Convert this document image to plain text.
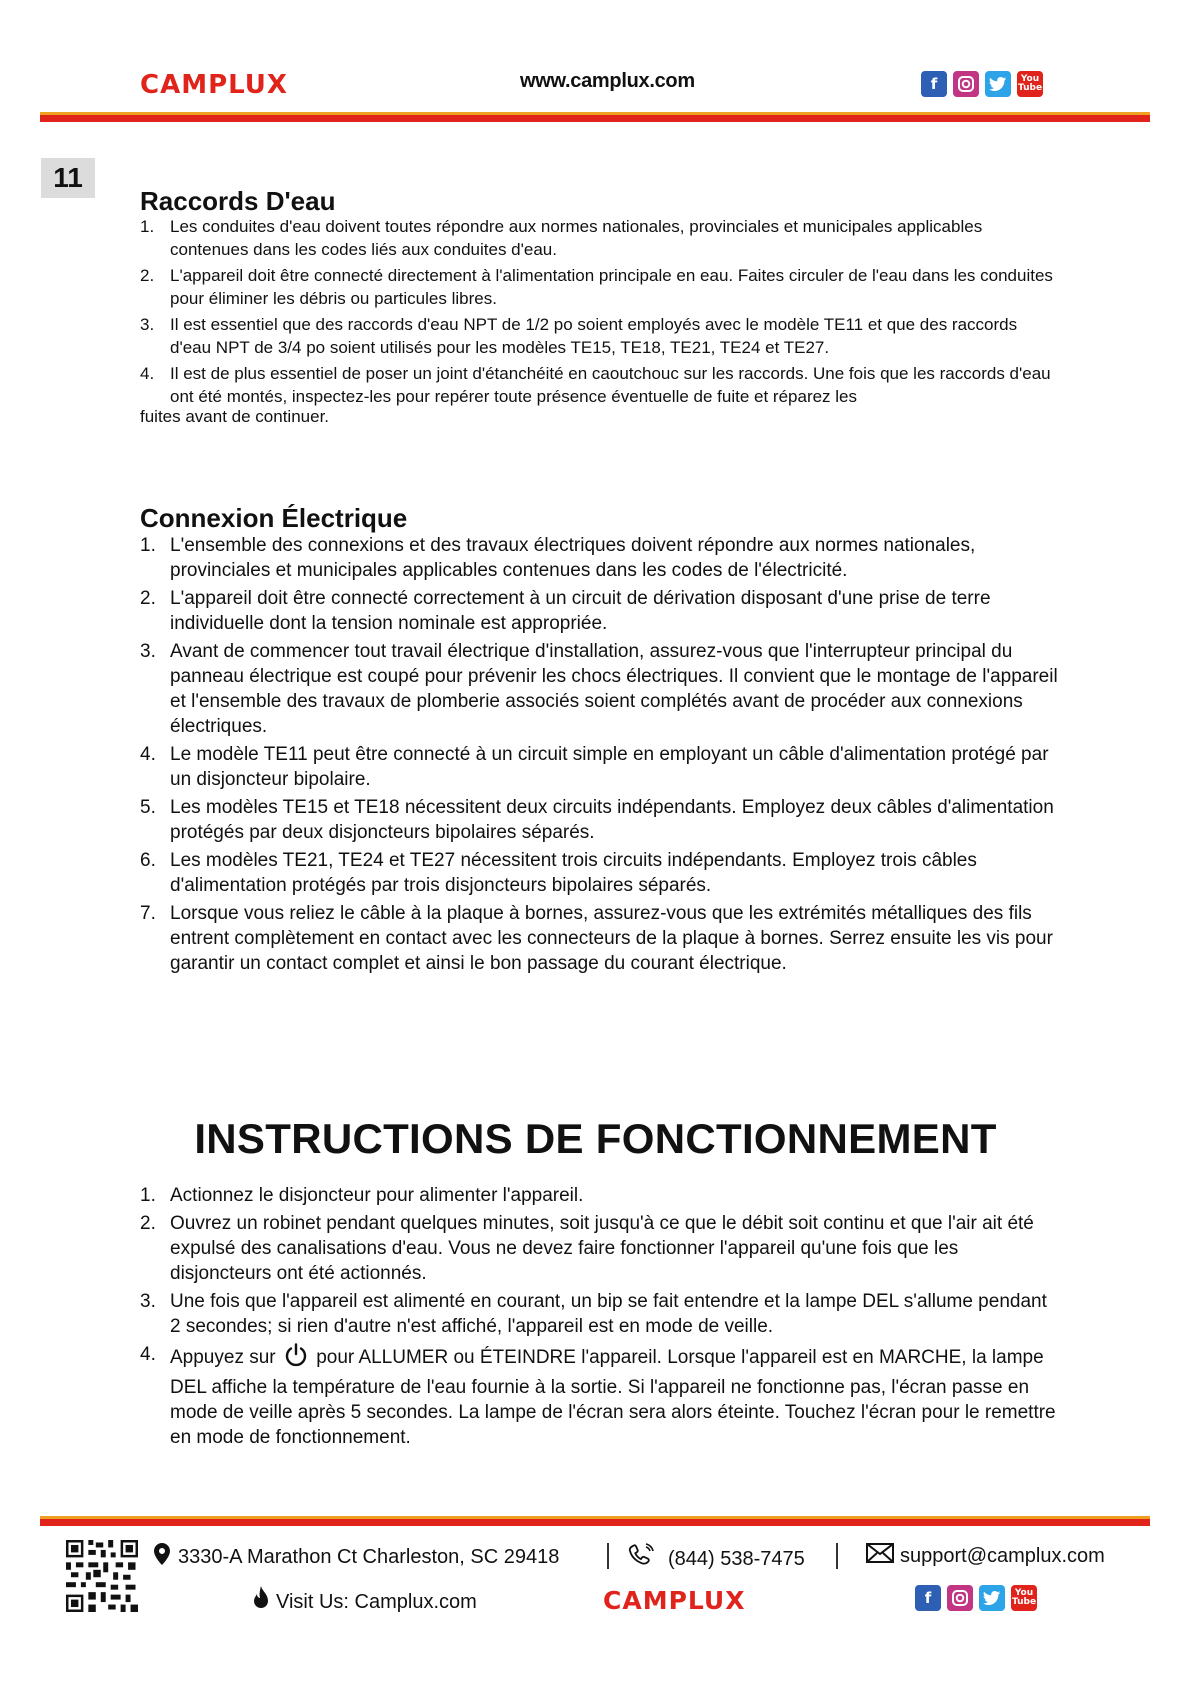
CAMPLUX	www.camplux.com	f	You
Tube
11
Raccords D'eau
1. Les conduites d'eau doivent toutes répondre aux normes nationales, provinciales et municipales applicables contenues dans les codes liés aux conduites d'eau.
2. L'appareil doit être connecté directement à l'alimentation principale en eau. Faites circuler de l'eau dans les conduites pour éliminer les débris ou particules libres.
3. Il est essentiel que des raccords d'eau NPT de 1/2 po soient employés avec le modèle TE11 et que des raccords d'eau NPT de 3/4 po soient utilisés pour les modèles TE15, TE18, TE21, TE24 et TE27.
4. Il est de plus essentiel de poser un joint d'étanchéité en caoutchouc sur les raccords. Une fois que les raccords d'eau ont été montés, inspectez-les pour repérer toute présence éventuelle de fuite et réparez les
fuites avant de continuer.
Connexion Électrique
1. L'ensemble des connexions et des travaux électriques doivent répondre aux normes nationales, provinciales et municipales applicables contenues dans les codes de l'électricité.
2. L'appareil doit être connecté correctement à un circuit de dérivation disposant d'une prise de terre individuelle dont la tension nominale est appropriée.
3. Avant de commencer tout travail électrique d'installation, assurez-vous que l'interrupteur principal du panneau électrique est coupé pour prévenir les chocs électriques. Il convient que le montage de l'appareil et l'ensemble des travaux de plomberie associés soient complétés avant de procéder aux connexions électriques.
4. Le modèle TE11 peut être connecté à un circuit simple en employant un câble d'alimentation protégé par un disjoncteur bipolaire.
5. Les modèles TE15 et TE18 nécessitent deux circuits indépendants. Employez deux câbles d'alimentation protégés par deux disjoncteurs bipolaires séparés.
6. Les modèles TE21, TE24 et TE27 nécessitent trois circuits indépendants. Employez trois câbles d'alimentation protégés par trois disjoncteurs bipolaires séparés.
7. Lorsque vous reliez le câble à la plaque à bornes, assurez-vous que les extrémités métalliques des fils entrent complètement en contact avec les connecteurs de la plaque à bornes. Serrez ensuite les vis pour garantir un contact complet et ainsi le bon passage du courant électrique.
INSTRUCTIONS DE FONCTIONNEMENT
1. Actionnez le disjoncteur pour alimenter l'appareil.
2. Ouvrez un robinet pendant quelques minutes, soit jusqu'à ce que le débit soit continu et que l'air ait été expulsé des canalisations d'eau. Vous ne devez faire fonctionner l'appareil qu'une fois que les disjoncteurs ont été actionnés.
3. Une fois que l'appareil est alimenté en courant, un bip se fait entendre et la lampe DEL s'allume pendant 2 secondes; si rien d'autre n'est affiché, l'appareil est en mode de veille.
4. Appuyez sur pour ALLUMER ou ÉTEINDRE l'appareil. Lorsque l'appareil est en MARCHE, la lampe DEL affiche la température de l'eau fournie à la sortie. Si l'appareil ne fonctionne pas, l'écran passe en mode de veille après 5 secondes. La lampe de l'écran sera alors éteinte. Touchez l'écran pour le remettre en mode de fonctionnement.
3330-A Marathon Ct Charleston, SC 29418	(844) 538-7475	support@camplux.com
Visit Us: Camplux.com	CAMPLUX	f	You
Tube
